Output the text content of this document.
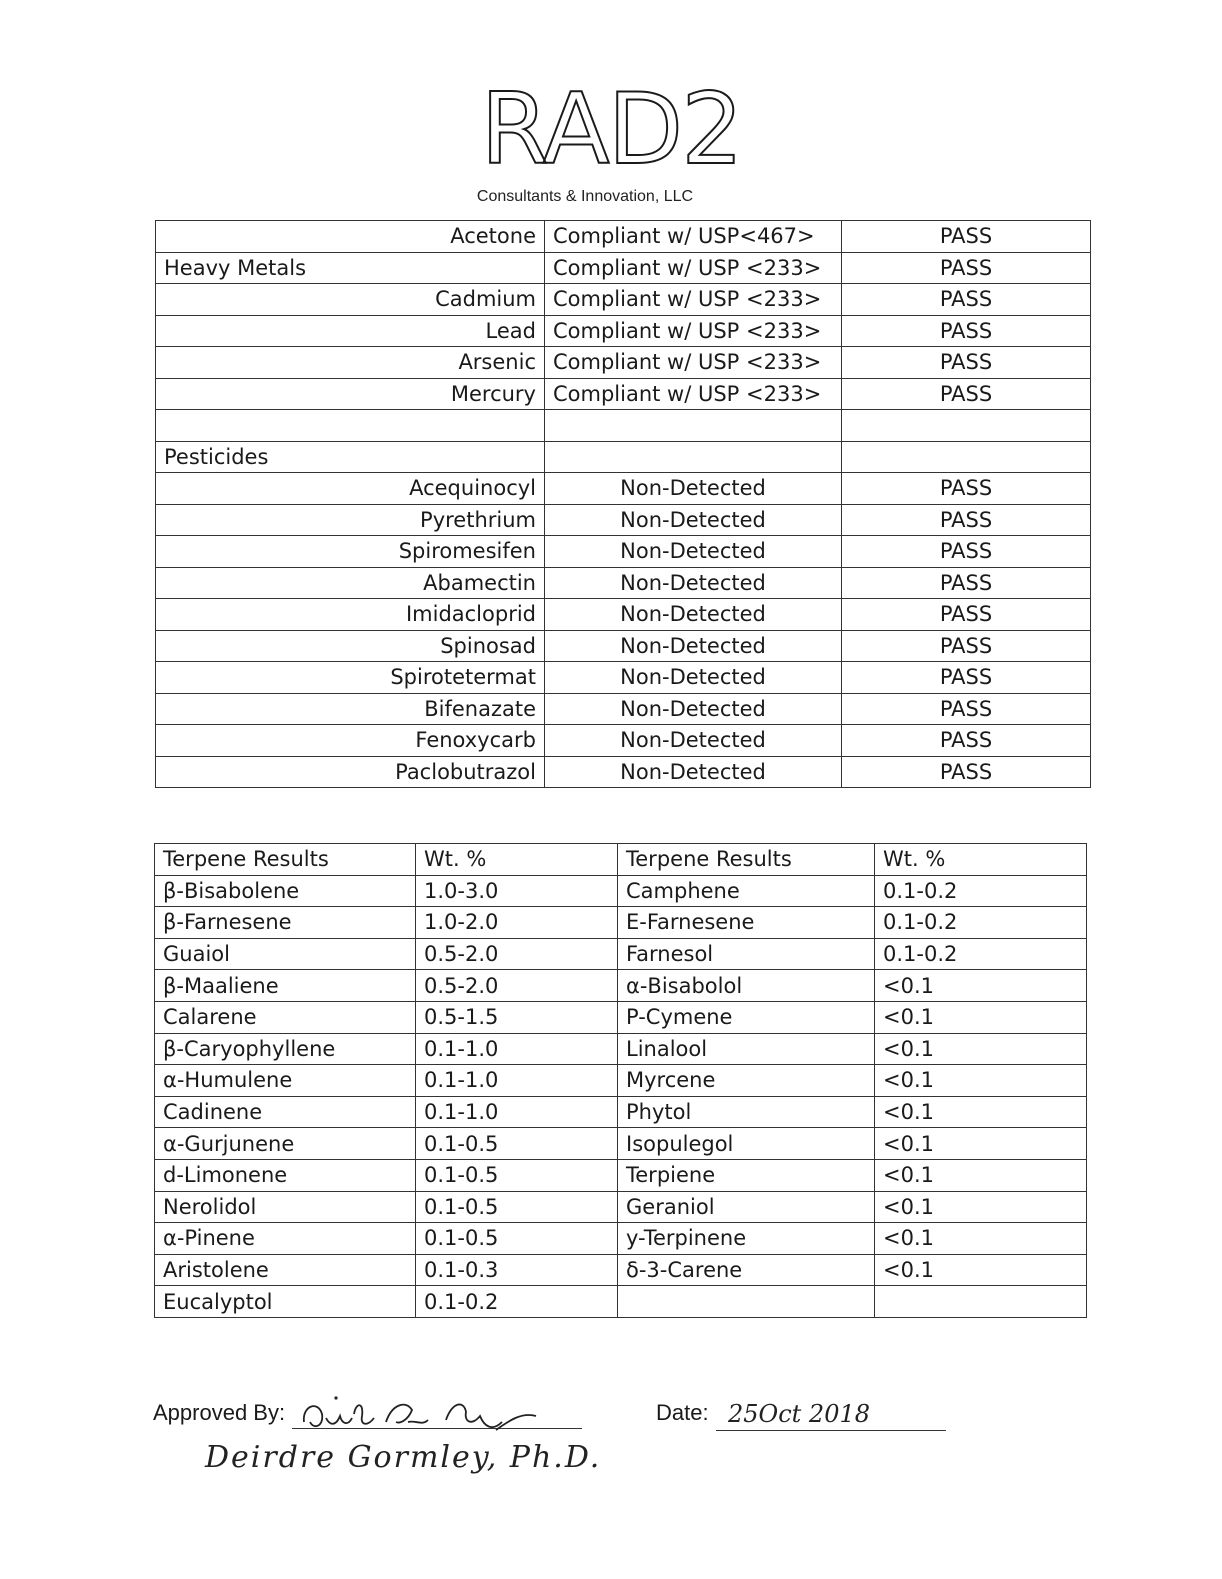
RAD2
Consultants & Innovation, LLC
Acetone	Compliant w/ USP<467>	PASS
Heavy Metals	Compliant w/ USP <233>	PASS
Cadmium	Compliant w/ USP <233>	PASS
Lead	Compliant w/ USP <233>	PASS
Arsenic	Compliant w/ USP <233>	PASS
Mercury	Compliant w/ USP <233>	PASS

Pesticides		
Acequinocyl	Non-Detected	PASS
Pyrethrium	Non-Detected	PASS
Spiromesifen	Non-Detected	PASS
Abamectin	Non-Detected	PASS
Imidacloprid	Non-Detected	PASS
Spinosad	Non-Detected	PASS
Spirotetermat	Non-Detected	PASS
Bifenazate	Non-Detected	PASS
Fenoxycarb	Non-Detected	PASS
Paclobutrazol	Non-Detected	PASS
Terpene Results	Wt. %	Terpene Results	Wt. %
β-Bisabolene	1.0-3.0	Camphene	0.1-0.2
β-Farnesene	1.0-2.0	E-Farnesene	0.1-0.2
Guaiol	0.5-2.0	Farnesol	0.1-0.2
β-Maaliene	0.5-2.0	α-Bisabolol	<0.1
Calarene	0.5-1.5	P-Cymene	<0.1
β-Caryophyllene	0.1-1.0	Linalool	<0.1
α-Humulene	0.1-1.0	Myrcene	<0.1
Cadinene	0.1-1.0	Phytol	<0.1
α-Gurjunene	0.1-0.5	Isopulegol	<0.1
d-Limonene	0.1-0.5	Terpiene	<0.1
Nerolidol	0.1-0.5	Geraniol	<0.1
α-Pinene	0.1-0.5	y-Terpinene	<0.1
Aristolene	0.1-0.3	δ-3-Carene	<0.1
Eucalyptol	0.1-0.2		
Approved By:
Deirdre Gormley, Ph.D.
Date: 25Oct 2018
